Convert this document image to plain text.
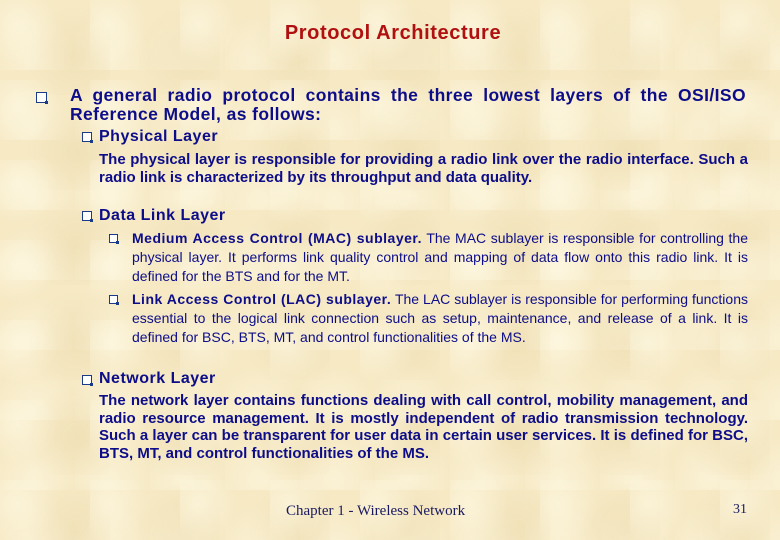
Protocol Architecture
A general radio protocol contains the three lowest layers of the OSI/ISO Reference Model, as follows:
Physical Layer
The physical layer is responsible for providing a radio link over the radio interface. Such a radio link is characterized by its throughput and data quality.
Data Link Layer
Medium Access Control (MAC) sublayer. The MAC sublayer is responsible for controlling the physical layer. It performs link quality control and mapping of data flow onto this radio link. It is defined for the BTS and for the MT.
Link Access Control (LAC) sublayer. The LAC sublayer is responsible for performing functions essential to the logical link connection such as setup, maintenance, and release of a link. It is defined for BSC, BTS, MT, and control functionalities of the MS.
Network Layer
The network layer contains functions dealing with call control, mobility management, and radio resource management. It is mostly independent of radio transmission technology. Such a layer can be transparent for user data in certain user services. It is defined for BSC, BTS, MT, and control functionalities of the MS.
Chapter 1 - Wireless Network	31
